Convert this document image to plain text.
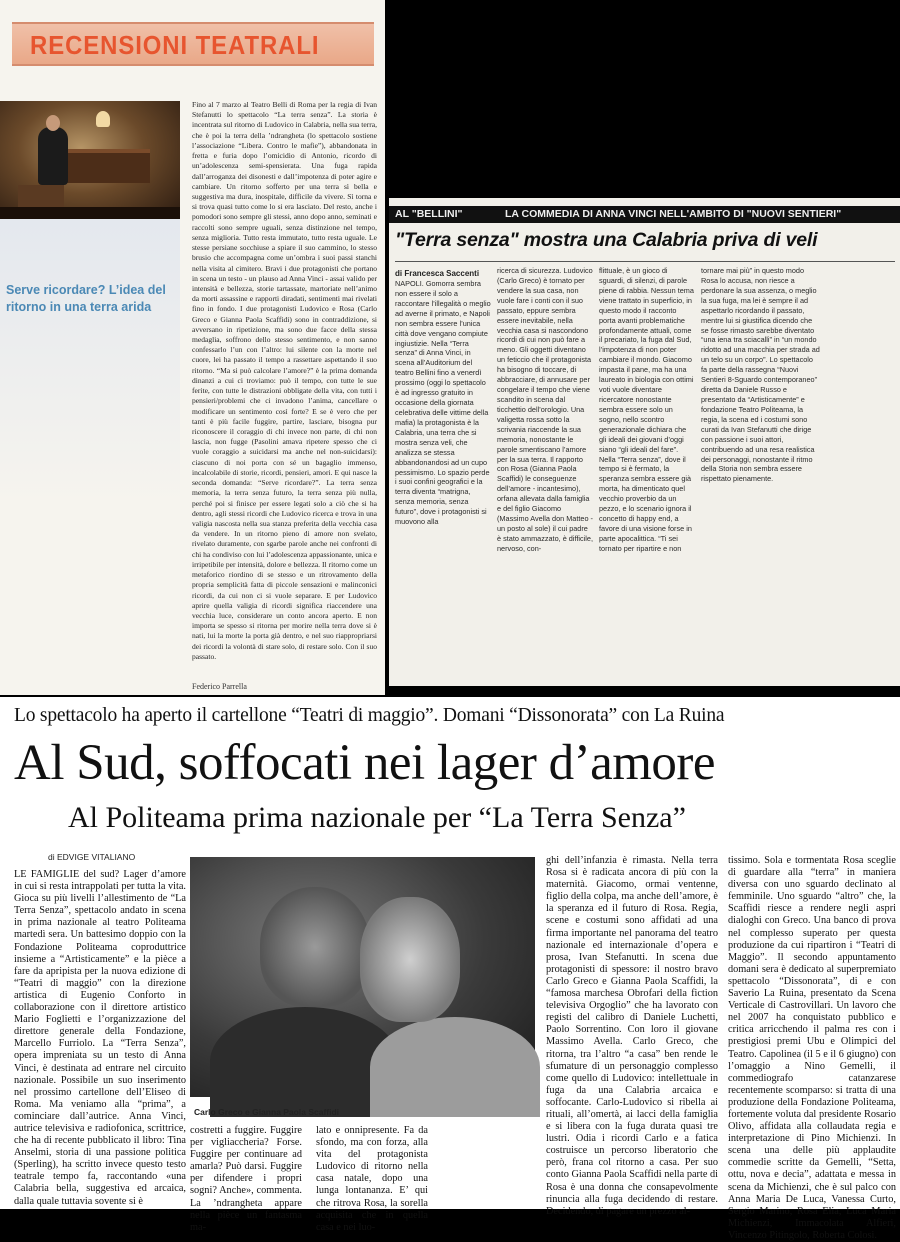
RECENSIONI TEATRALI
Serve ricordare? L’idea del ritorno in una terra arida
Fino al 7 marzo al Teatro Belli di Roma per la regia di Ivan Stefanutti lo spettacolo “La terra senza”. La storia è incentrata sul ritorno di Ludovico in Calabria, nella sua terra, che è poi la terra della ’ndrangheta (lo spettacolo sostiene l’associazione “Libera. Contro le mafie”), abbandonata in fretta e furia dopo l’omicidio di Antonio, ricordo di un’adolescenza semi-spensierata. Una fuga rapida dall’arroganza dei disonesti e dall’impotenza di poter agire e cambiare. Un ritorno sofferto per una terra sì bella e suggestiva ma dura, inospitale, difficile da vivere. Sì torna e si trova quasi tutto come lo si era lasciato. Del resto, anche i pomodori sono sempre gli stessi, anno dopo anno, seminati e raccolti sono sempre uguali, senza distinzione nel tempo, senza miglioria. Tutto resta immutato, tutto resta uguale. Le stesse persiane socchiuse a spiare il suo cammino, lo stesso brusio che accompagna come un’ombra i suoi passi stanchi nella visita al cimitero. Bravi i due protagonisti che portano in scena un testo - un plauso ad Anna Vinci - assai valido per intensità e bellezza, storie tartassate, martoriate nell’animo da morti assassine e rapporti diradati, sentimenti mai rivelati fino in fondo. I due protagonisti Ludovico e Rosa (Carlo Greco e Gianna Paola Scaffidi) sono in contraddizione, si avversano in ripetizione, ma sono due facce della stessa medaglia, soffrono dello stesso sentimento, e non sanno confessarlo l’un con l’altro: lui silente con la morte nel cuore, lei ha passato il tempo a rassettare aspettando il suo ritorno. “Ma si può calcolare l’amore?” è la prima domanda dinanzi a cui ci troviamo: può il tempo, con tutte le sue ferite, con tutte le distrazioni obbligate della vita, con tutti i pensieri/problemi che ci invadono l’anima, cancellare o modificare un sentimento così forte? E se è vero che per tanti è più facile fuggire, partire, lasciare, bisogna pur riconoscere il coraggio di chi invece non parte, di chi non lascia, non fugge (Pasolini amava ripetere spesso che ci vuole coraggio a suicidarsi ma anche nel non-suicidarsi): ciascuno di noi porta con sé un bagaglio immenso, incalcolabile di storie, ricordi, pensieri, amori. E qui nasce la seconda domanda: “Serve ricordare?”. La terra senza memoria, la terra senza futuro, la terra senza più nulla, perché poi si finisce per essere legati solo a ciò che si ha dentro, agli stessi ricordi che Ludovico ricerca e trova in una valigia nascosta nella sua stanza preferita della vecchia casa da vendere. In un ritorno pieno di amore non svelato, rivelato duramente, con sgarbe parole anche nei confronti di chi ha condiviso con lui l’adolescenza appassionante, unica e irripetibile per intensità, dolore e bellezza. Il ritorno come un metaforico riordino di se stesso e un ritrovamento della propria semplicità fatta di piccole sensazioni e malinconici ricordi, da cui non ci si vuole separare. E per Ludovico aprire quella valigia di ricordi significa riaccendere una vecchia luce, considerare un conto ancora aperto. E non importa se spesso si ritorna per morire nella terra dove si è nati, lui la morte la porta già dentro, e nel suo riappropriarsi dei ricordi la volontà di stare solo, di restare solo. Con il suo passato.
Federico Parrella
AL "BELLINI"	LA COMMEDIA DI ANNA VINCI NELL'AMBITO DI "NUOVI SENTIERI"
"Terra senza" mostra una Calabria priva di veli
di Francesca Saccenti
NAPOLI. Gomorra sembra non essere il solo a raccontare l’illegalità o meglio ad averne il primato, e Napoli non sembra essere l’unica città dove vengano compiute ingiustizie. Nella “Terra senza” di Anna Vinci, in scena all’Auditorium del teatro Bellini fino a venerdì prossimo (oggi lo spettacolo è ad ingresso gratuito in occasione della giornata celebrativa delle vittime della mafia) la protagonista è la Calabria, una terra che si mostra senza veli, che analizza se stessa abbandonandosi ad un cupo pessimismo. Lo spazio perde i suoi confini geografici e la terra diventa “matrigna, senza memoria, senza futuro”, dove i protagonisti si muovono alla
ricerca di sicurezza. Ludovico (Carlo Greco) è tornato per vendere la sua casa, non vuole fare i conti con il suo passato, eppure sembra essere inevitabile, nella vecchia casa si nascondono ricordi di cui non può fare a meno. Gli oggetti diventano un feticcio che il protagonista ha bisogno di toccare, di abbracciare, di annusare per congelare il tempo che viene scandito in scena dal ticchettio dell’orologio. Una valigetta rossa sotto la scrivania riaccende la sua memoria, nonostante le parole smentiscano l’amore per la sua terra. Il rapporto con Rosa (Gianna Paola Scaffidi) le conseguenze dell’amore - incantesimo), orfana allevata dalla famiglia e del figlio Giacomo (Massimo Avella don Matteo - un posto al sole) il cui padre è stato ammazzato, è difficile, nervoso, con-
flittuale, è un gioco di sguardi, di silenzi, di parole piene di rabbia. Nessun tema viene trattato in superficio, in questo modo il racconto porta avanti problematiche profondamente attuali, come il precariato, la fuga dal Sud, l’impotenza di non poter cambiare il mondo. Giacomo impasta il pane, ma ha una laureato in biologia con ottimi voti vuole diventare ricercatore nonostante sembra essere solo un sogno, nello scontro generazionale dichiara che gli ideali dei giovani d’oggi siano “gli ideali del fare”. Nella “Terra senza”, dove il tempo si è fermato, la speranza sembra essere già morta, ha dimenticato quel vecchio proverbio da un pezzo, e lo scenario ignora il concetto di happy end, a favore di una visione forse in parte apocalittica. “Ti sei tornato per ripartire e non
tornare mai più” in questo modo Rosa lo accusa, non riesce a perdonare la sua assenza, o meglio la sua fuga, ma lei è sempre il ad aspettarlo ricordando il passato, mentre lui si giustifica dicendo che se fosse rimasto sarebbe diventato “una iena tra sciacalli” in “un mondo ridotto ad una macchia per strada ad un telo su un corpo”. Lo spettacolo fa parte della rassegna “Nuovi Sentieri 8-Sguardo contemporaneo” diretta da Daniele Russo e presentato da “Artisticamente” e fondazione Teatro Politeama, la regia, la scena ed i costumi sono curati da Ivan Stefanutti che dirige con passione i suoi attori, contribuendo ad una resa realistica dei personaggi, nonostante il ritmo della Storia non sembra essere rispettato pienamente.
Lo spettacolo ha aperto il cartellone “Teatri di maggio”. Domani “Dissonorata” con La Ruina
Al Sud, soffocati nei lager d’amore
Al Politeama prima nazionale per “La Terra Senza”
di EDVIGE VITALIANO
LE FAMIGLIE del sud? Lager d’amore in cui si resta intrappolati per tutta la vita. Gioca su più livelli l’allestimento de “La Terra Senza”, spettacolo andato in scena in prima nazionale al teatro Politeama martedì sera. Un battesimo doppio con la Fondazione Politeama coproduttrice insieme a “Artisticamente” e la pièce a fare da apripista per la nuova edizione di “Teatri di maggio” con la direzione artistica di Eugenio Conforto in collaborazione con il direttore artistico Mario Foglietti e l’organizzazione del direttore generale della Fondazione, Marcello Furriolo. La “Terra Senza”, opera impreniata su un testo di Anna Vinci, è destinata ad entrare nel circuito nazionale. Possibile un suo inserimento nel prossimo cartellone dell’Eliseo di Roma. Ma veniamo alla “prima”, a cominciare dall’autrice. Anna Vinci, autrice televisiva e radiofonica, scrittrice, che ha di recente pubblicato il libro: Tina Anselmi, storia di una passione politica (Sperling), ha scritto invece questo testo teatrale tempo fa, raccontando «una Calabria bella, suggestiva ed arcaica, dalla quale tuttavia sovente si è
Carlo Greco e Gianna Paola Scaffidi
costretti a fuggire. Fuggire per vigliaccheria? Forse. Fuggire per continuare ad amarla? Può darsi. Fuggire per difendere i propri sogni? Anche», commenta. La ’ndrangheta appare nella pièce un fantasma ma-
lato e onnipresente. Fa da sfondo, ma con forza, alla vita del protagonista Ludovico di ritorno nella casa natale, dopo una lunga lontananza. E’ qui che ritrova Rosa, la sorella acquisita che in quella casa e nei luo-
ghi dell’infanzia è rimasta. Nella terra Rosa si è radicata ancora di più con la maternità. Giacomo, ormai ventenne, figlio della colpa, ma anche dell’amore, è la speranza ed il futuro di Rosa. Regia, scene e costumi sono affidati ad una firma importante nel panorama del teatro nazionale ed internazionale d’opera e prosa, Ivan Stefanutti. In scena due protagonisti di spessore: il nostro bravo Carlo Greco e Gianna Paola Scaffidi, la “famosa marchesa Obrofari della fiction televisiva Orgoglio” che ha lavorato con registi del calibro di Daniele Luchetti, Paolo Sorrentino. Con loro il giovane Massimo Avella. Carlo Greco, che ritorna, tra l’altro “a casa” ben rende le sfumature di un personaggio complesso come quello di Ludovico: intellettuale in fuga da una Calabria arcaica e soffocante. Carlo-Ludovico si ribella ai rituali, all’omertà, ai lacci della famiglia e si libera con la fuga durata quasi tre lustri. Odia i ricordi Carlo e a fatica costruisce un percorso liberatorio che però, frana col ritorno a casa. Per suo conto Gianna Paola Scaffidi nella parte di Rosa è una donna che consapevolmente rinuncia alla fuga decidendo di restare. Decidendo, di pagare un prezzo al-
tissimo. Sola e tormentata Rosa sceglie di guardare alla “terra” in maniera diversa con uno sguardo declinato al femminile. Uno sguardo “altro” che, la Scaffidi riesce a rendere negli aspri dialoghi con Greco. Una banco di prova nel complesso superato per questa produzione da cui ripartiron i “Teatri di Maggio”. Il secondo appuntamento domani sera è dedicato al superpremiato spettacolo “Dissonorata”, di e con Saverio La Ruina, presentato da Scena Verticale di Castrovillari. Un lavoro che nel 2007 ha conquistato pubblico e critica arricchendo il palma res con i prestigiosi premi Ubu e Olimpici del Teatro. Capolinea (il 5 e il 6 giugno) con l’omaggio a Nino Gemelli, il commediografo catanzarese recentemente scomparso: si tratta di una produzione della Fondazione Politeama, fortemente voluta dal presidente Rosario Olivo, affidata alla collaudata regia e interpretazione di Pino Michienzi. In scena una delle più applaudite commedie scritte da Gemelli, “Setta, ottu, nova e decia”, adattata e messa in scena da Michienzi, che è sul palco con Anna Maria De Luca, Vanessa Curto, Sergio Marino, Rosa Elia, Luca Maria Michienzi, Immacolata Alfieri, Vincenzo Pitingolo, Roberta Colosi.
